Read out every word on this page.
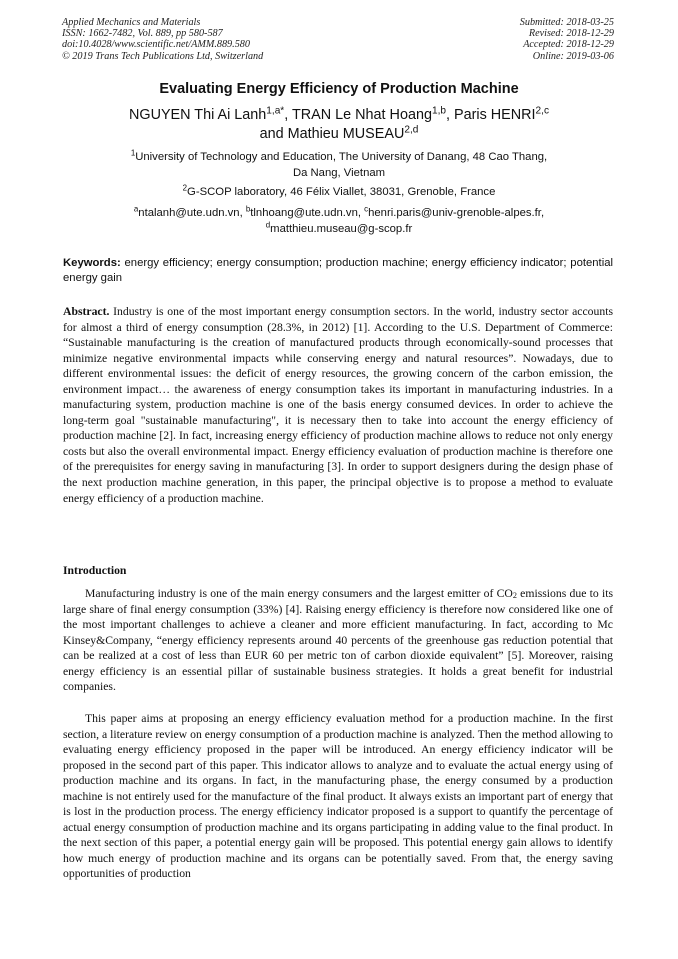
Applied Mechanics and Materials
ISSN: 1662-7482, Vol. 889, pp 580-587
doi:10.4028/www.scientific.net/AMM.889.580
© 2019 Trans Tech Publications Ltd, Switzerland
Submitted: 2018-03-25
Revised: 2018-12-29
Accepted: 2018-12-29
Online: 2019-03-06
Evaluating Energy Efficiency of Production Machine
NGUYEN Thi Ai Lanh$^{1,a*}$, TRAN Le Nhat Hoang$^{1,b}$, Paris HENRI$^{2,c}$
and Mathieu MUSEAU$^{2,d}$
$^1$University of Technology and Education, The University of Danang, 48 Cao Thang,
Da Nang, Vietnam
$^2$G-SCOP laboratory, 46 Félix Viallet, 38031, Grenoble, France
$^a$ntalanh@ute.udn.vn, $^b$tlnhoang@ute.udn.vn, $^c$henri.paris@univ-grenoble-alpes.fr,
$^d$matthieu.museau@g-scop.fr
Keywords: energy efficiency; energy consumption; production machine; energy efficiency indicator; potential energy gain
Abstract. Industry is one of the most important energy consumption sectors. In the world, industry sector accounts for almost a third of energy consumption (28.3%, in 2012) [1]. According to the U.S. Department of Commerce: “Sustainable manufacturing is the creation of manufactured products through economically-sound processes that minimize negative environmental impacts while conserving energy and natural resources”. Nowadays, due to different environmental issues: the deficit of energy resources, the growing concern of the carbon emission, the environment impact… the awareness of energy consumption takes its important in manufacturing industries. In a manufacturing system, production machine is one of the basis energy consumed devices. In order to achieve the long-term goal "sustainable manufacturing", it is necessary then to take into account the energy efficiency of production machine [2]. In fact, increasing energy efficiency of production machine allows to reduce not only energy costs but also the overall environmental impact. Energy efficiency evaluation of production machine is therefore one of the prerequisites for energy saving in manufacturing [3]. In order to support designers during the design phase of the next production machine generation, in this paper, the principal objective is to propose a method to evaluate energy efficiency of a production machine.
Introduction
Manufacturing industry is one of the main energy consumers and the largest emitter of $CO_2$ emissions due to its large share of final energy consumption (33%) [4]. Raising energy efficiency is therefore now considered like one of the most important challenges to achieve a cleaner and more efficient manufacturing. In fact, according to Mc Kinsey&Company, “energy efficiency represents around 40 percents of the greenhouse gas reduction potential that can be realized at a cost of less than EUR 60 per metric ton of carbon dioxide equivalent” [5]. Moreover, raising energy efficiency is an essential pillar of sustainable business strategies. It holds a great benefit for industrial companies.
This paper aims at proposing an energy efficiency evaluation method for a production machine. In the first section, a literature review on energy consumption of a production machine is analyzed. Then the method allowing to evaluating energy efficiency proposed in the paper will be introduced. An energy efficiency indicator will be proposed in the second part of this paper. This indicator allows to analyze and to evaluate the actual energy using of production machine and its organs. In fact, in the manufacturing phase, the energy consumed by a production machine is not entirely used for the manufacture of the final product. It always exists an important part of energy that is lost in the production process. The energy efficiency indicator proposed is a support to quantify the percentage of actual energy consumption of production machine and its organs participating in adding value to the final product. In the next section of this paper, a potential energy gain will be proposed. This potential energy gain allows to identify how much energy of production machine and its organs can be potentially saved. From that, the energy saving opportunities of production
